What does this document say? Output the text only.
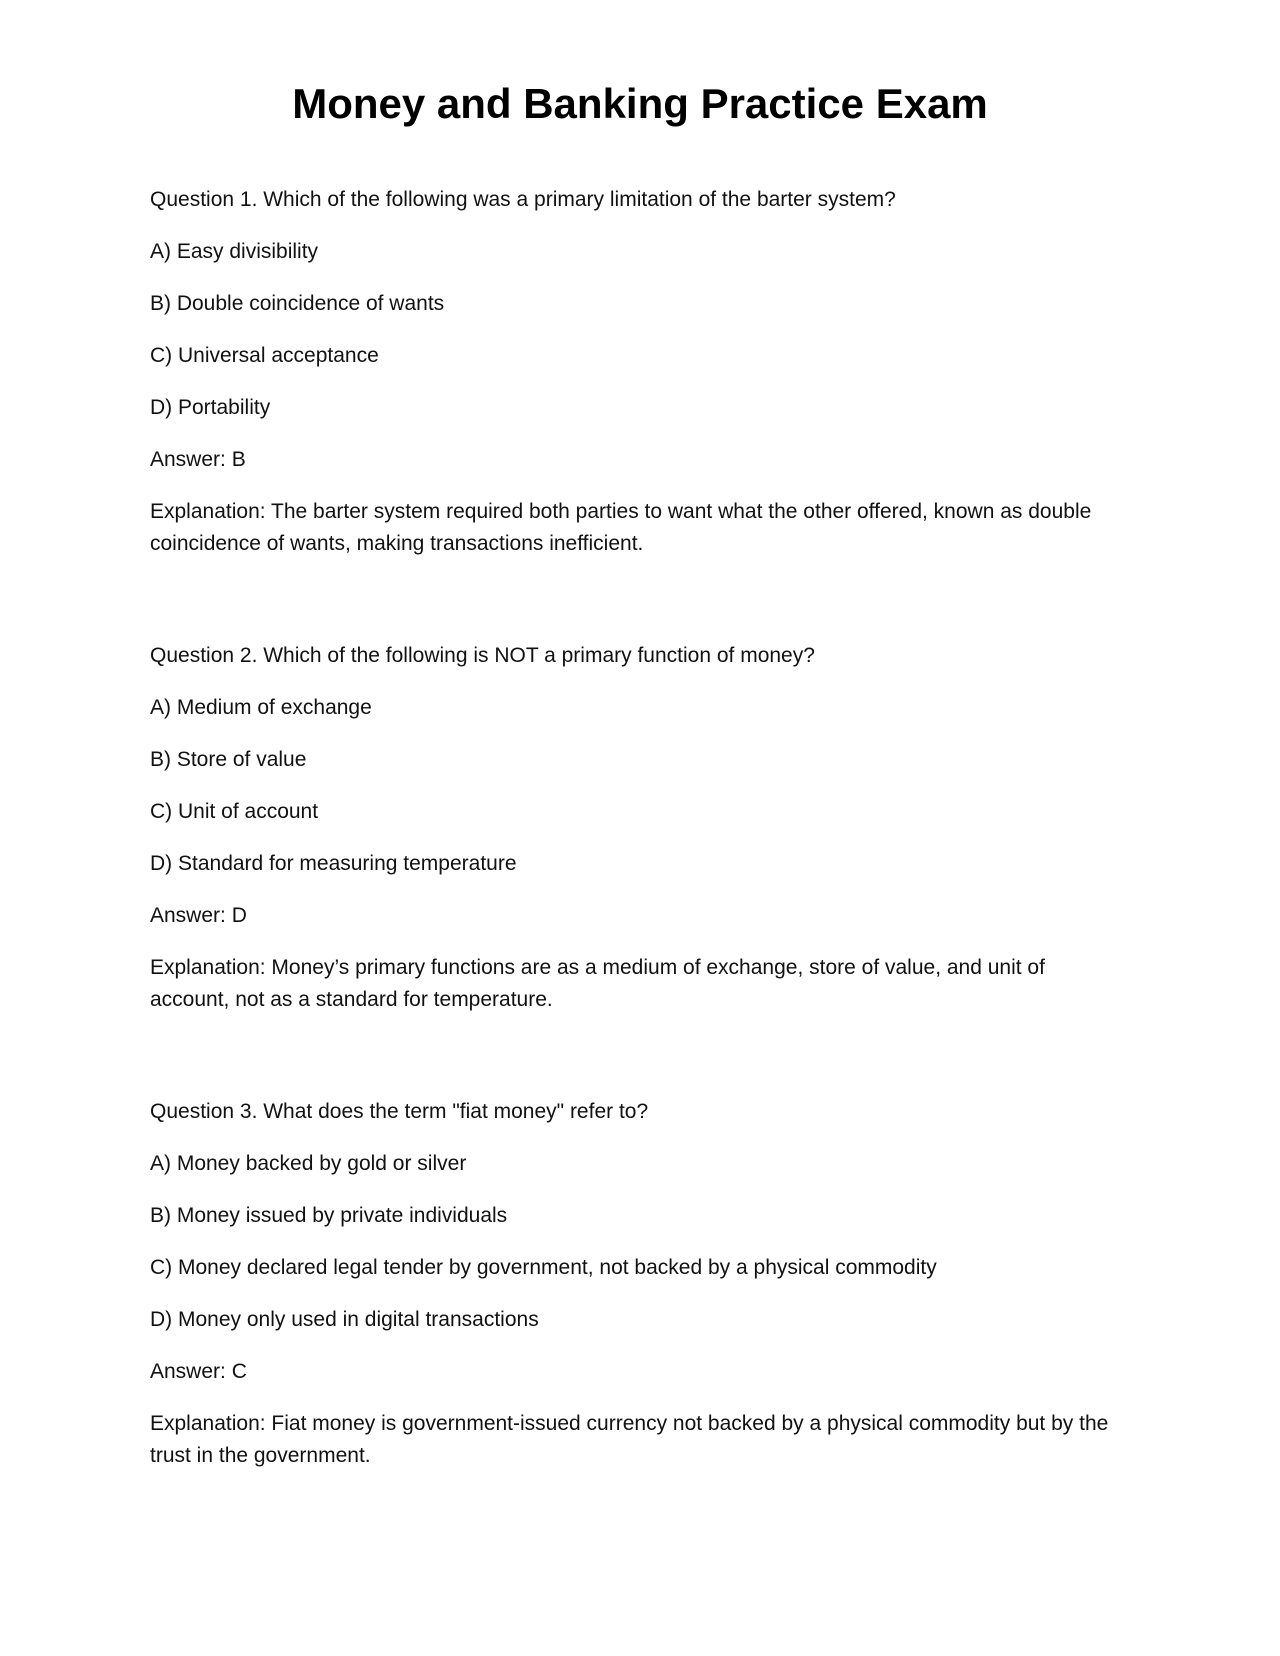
Money and Banking Practice Exam

Question 1. Which of the following was a primary limitation of the barter system?

A) Easy divisibility

B) Double coincidence of wants

C) Universal acceptance

D) Portability

Answer: B

Explanation: The barter system required both parties to want what the other offered, known as double coincidence of wants, making transactions inefficient.

Question 2. Which of the following is NOT a primary function of money?

A) Medium of exchange

B) Store of value

C) Unit of account

D) Standard for measuring temperature

Answer: D

Explanation: Money’s primary functions are as a medium of exchange, store of value, and unit of account, not as a standard for temperature.

Question 3. What does the term "fiat money" refer to?

A) Money backed by gold or silver

B) Money issued by private individuals

C) Money declared legal tender by government, not backed by a physical commodity

D) Money only used in digital transactions

Answer: C

Explanation: Fiat money is government-issued currency not backed by a physical commodity but by the trust in the government.
